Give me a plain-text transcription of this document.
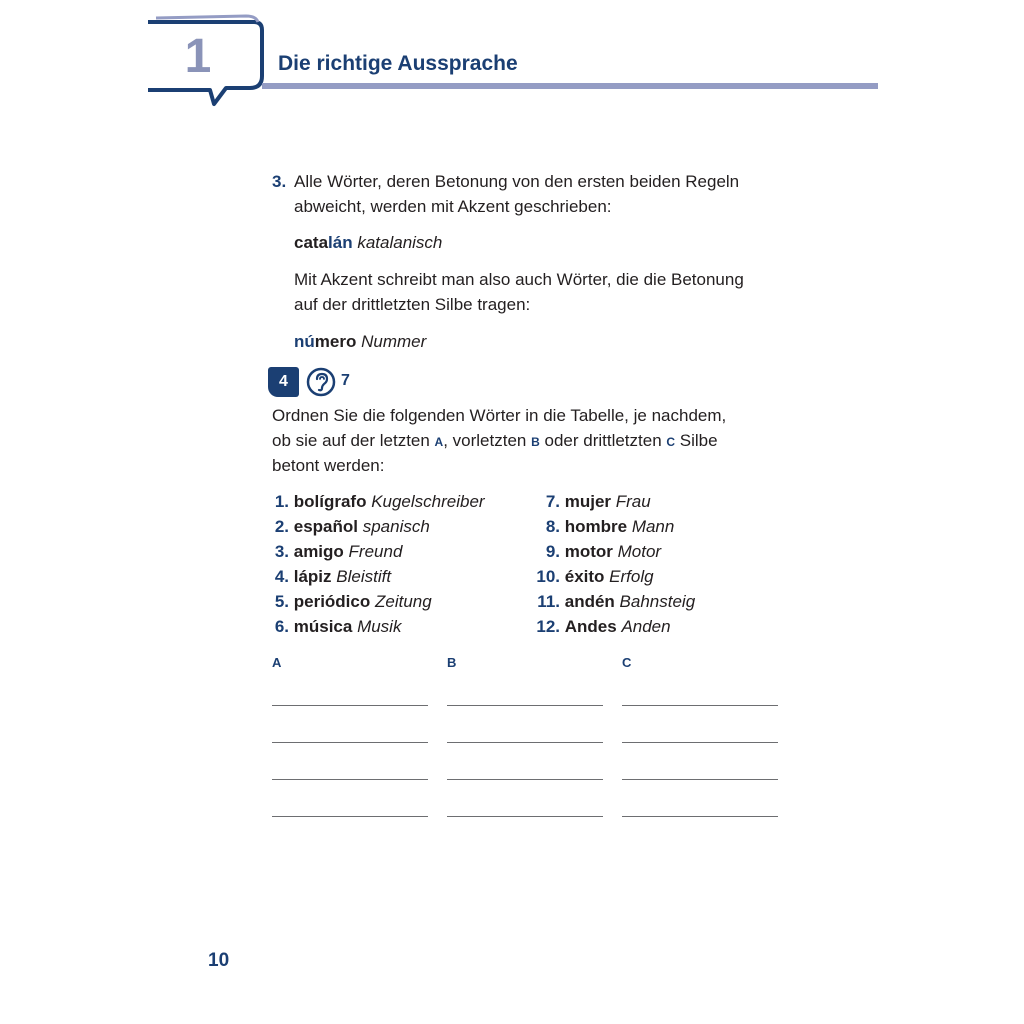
1	Die richtige Aussprache
3. Alle Wörter, deren Betonung von den ersten beiden Regeln
abweicht, werden mit Akzent geschrieben:
catalán katalanisch
Mit Akzent schreibt man also auch Wörter, die die Betonung
auf der drittletzten Silbe tragen:
número Nummer
4	7
Ordnen Sie die folgenden Wörter in die Tabelle, je nachdem,
ob sie auf der letzten A, vorletzten B oder drittletzten C Silbe
betont werden:
1. bolígrafo Kugelschreiber
2. español spanisch
3. amigo Freund
4. lápiz Bleistift
5. periódico Zeitung
6. música Musik
7. mujer Frau
8. hombre Mann
9. motor Motor
10. éxito Erfolg
11. andén Bahnsteig
12. Andes Anden
A	B	C
10
